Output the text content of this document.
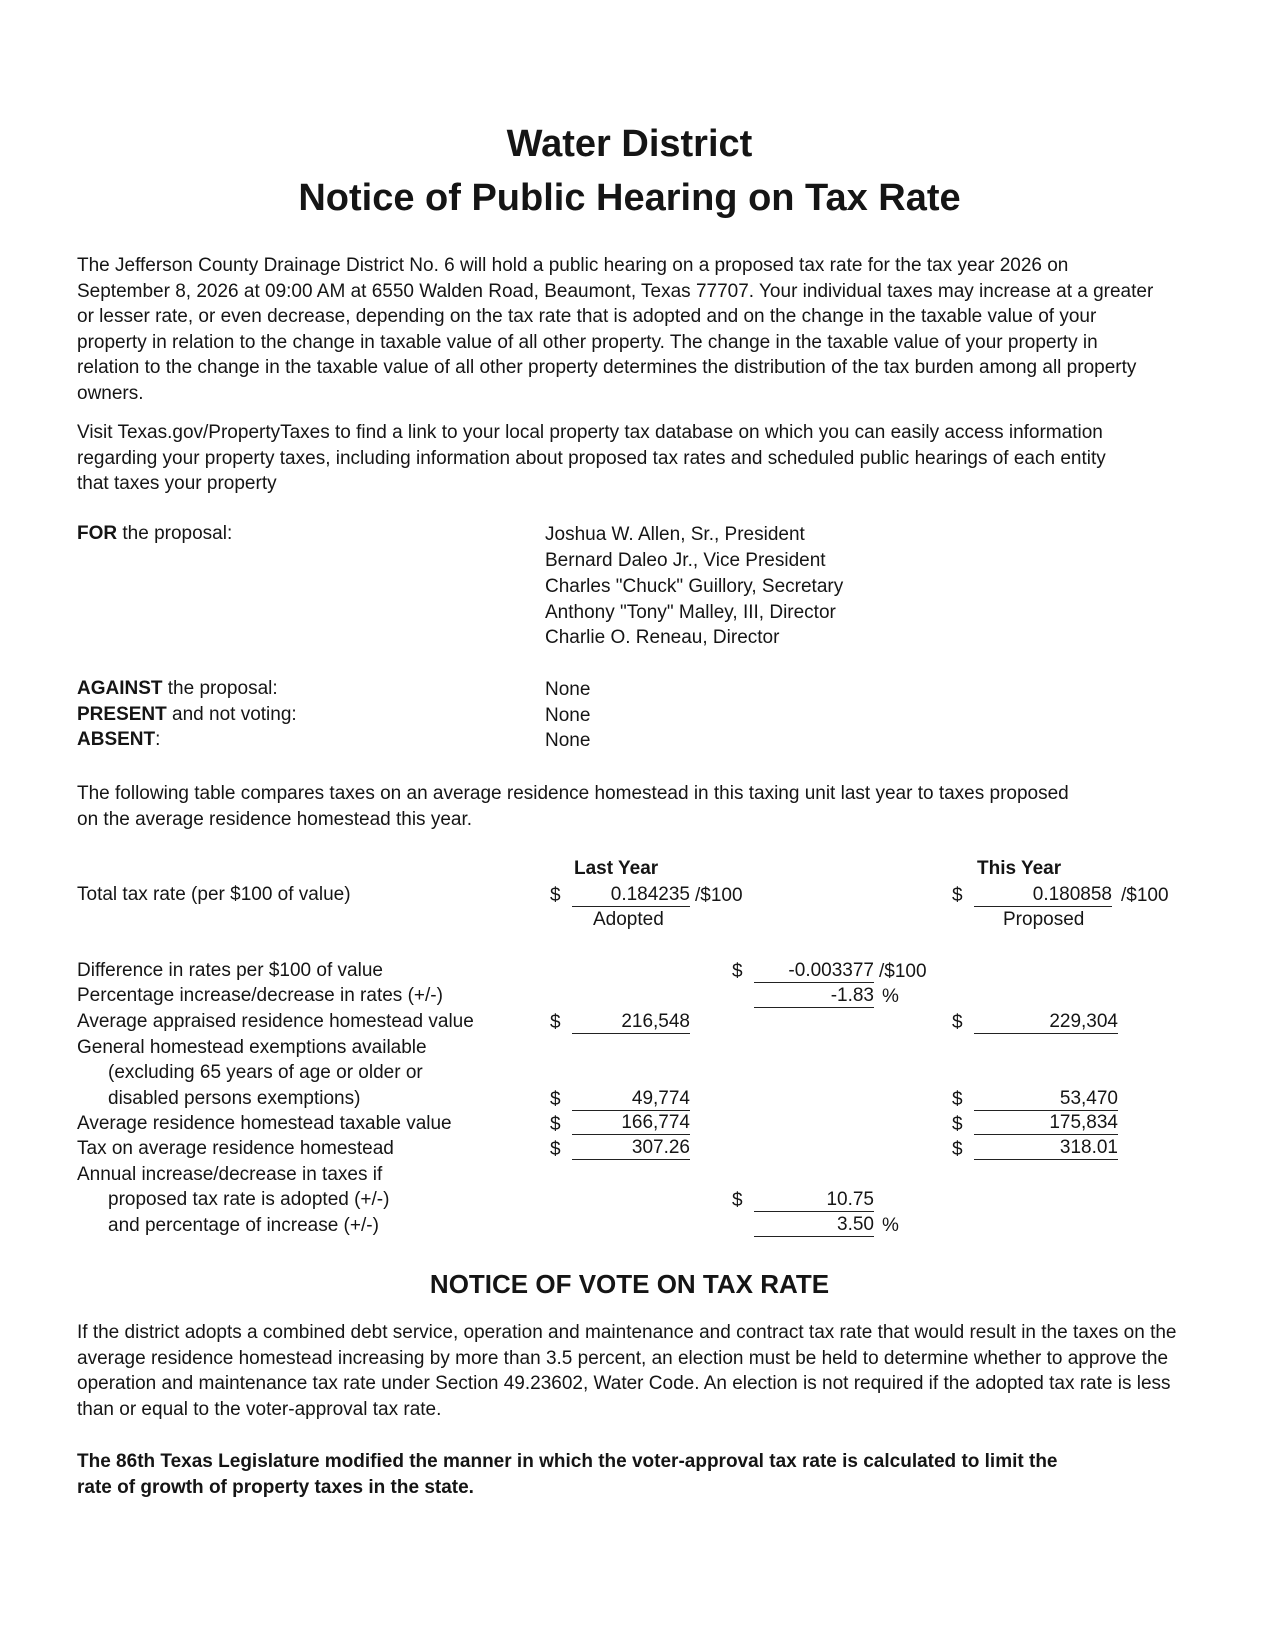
Water District
Notice of Public Hearing on Tax Rate
The Jefferson County Drainage District No. 6 will hold a public hearing on a proposed tax rate for the tax year 2026 on September 8, 2026 at 09:00 AM at 6550 Walden Road, Beaumont, Texas 77707. Your individual taxes may increase at a greater or lesser rate, or even decrease, depending on the tax rate that is adopted and on the change in the taxable value of your property in relation to the change in taxable value of all other property. The change in the taxable value of your property in relation to the change in the taxable value of all other property determines the distribution of the tax burden among all property owners.
Visit Texas.gov/PropertyTaxes to find a link to your local property tax database on which you can easily access information regarding your property taxes, including information about proposed tax rates and scheduled public hearings of each entity that taxes your property
FOR the proposal:	Joshua W. Allen, Sr., President
Bernard Daleo Jr., Vice President
Charles "Chuck" Guillory, Secretary
Anthony "Tony" Malley, III, Director
Charlie O. Reneau, Director
AGAINST the proposal:	None
PRESENT and not voting:	None
ABSENT:	None
The following table compares taxes on an average residence homestead in this taxing unit last year to taxes proposed on the average residence homestead this year.
Last Year	This Year
Total tax rate (per $100 of value)	$	0.184235 /$100	$	0.180858 /$100
Adopted	Proposed
Difference in rates per $100 of value	$	-0.003377 /$100
Percentage increase/decrease in rates (+/-)	-1.83 %
Average appraised residence homestead value	$	216,548	$	229,304
General homestead exemptions available
(excluding 65 years of age or older or
disabled persons exemptions)	$	49,774	$	53,470
Average residence homestead taxable value	$	166,774	$	175,834
Tax on average residence homestead	$	307.26	$	318.01
Annual increase/decrease in taxes if
proposed tax rate is adopted (+/-)	$	10.75
and percentage of increase (+/-)	3.50 %
NOTICE OF VOTE ON TAX RATE
If the district adopts a combined debt service, operation and maintenance and contract tax rate that would result in the taxes on the average residence homestead increasing by more than 3.5 percent, an election must be held to determine whether to approve the operation and maintenance tax rate under Section 49.23602, Water Code. An election is not required if the adopted tax rate is less than or equal to the voter-approval tax rate.
The 86th Texas Legislature modified the manner in which the voter-approval tax rate is calculated to limit the rate of growth of property taxes in the state.
